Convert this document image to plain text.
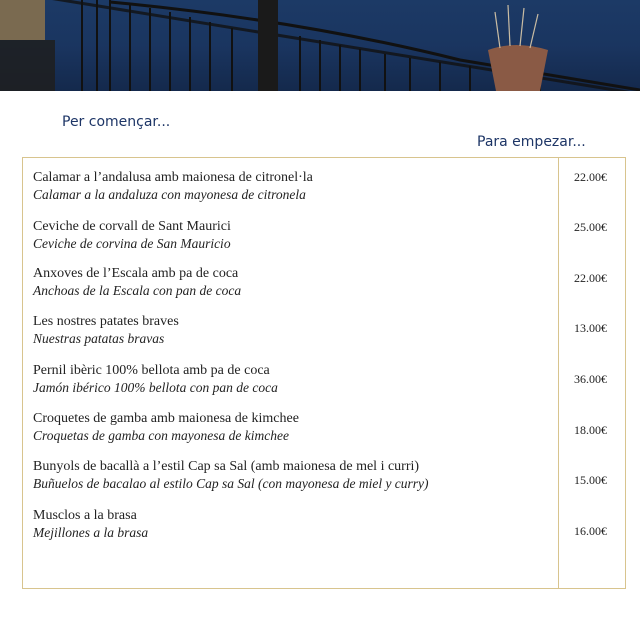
Per començar...
Para empezar...
Calamar a l’andalusa amb maionesa de citronel·la
Calamar a la andaluza con mayonesa de citronela
22.00€
Ceviche de corvall de Sant Maurici
Ceviche de corvina de San Mauricio
25.00€
Anxoves de l’Escala amb pa de coca
Anchoas de la Escala con pan de coca
22.00€
Les nostres patates braves
Nuestras patatas bravas
13.00€
Pernil ibèric 100% bellota amb pa de coca
Jamón ibérico 100% bellota con pan de coca
36.00€
Croquetes de gamba amb maionesa de kimchee
Croquetas de gamba con mayonesa de kimchee	18.00€
Bunyols de bacallà a l’estil Cap sa Sal (amb maionesa de mel i curri)
Buñuelos de bacalao al estilo Cap sa Sal (con mayonesa de miel y curry)	15.00€
Musclos a la brasa
Mejillones a la brasa	16.00€
